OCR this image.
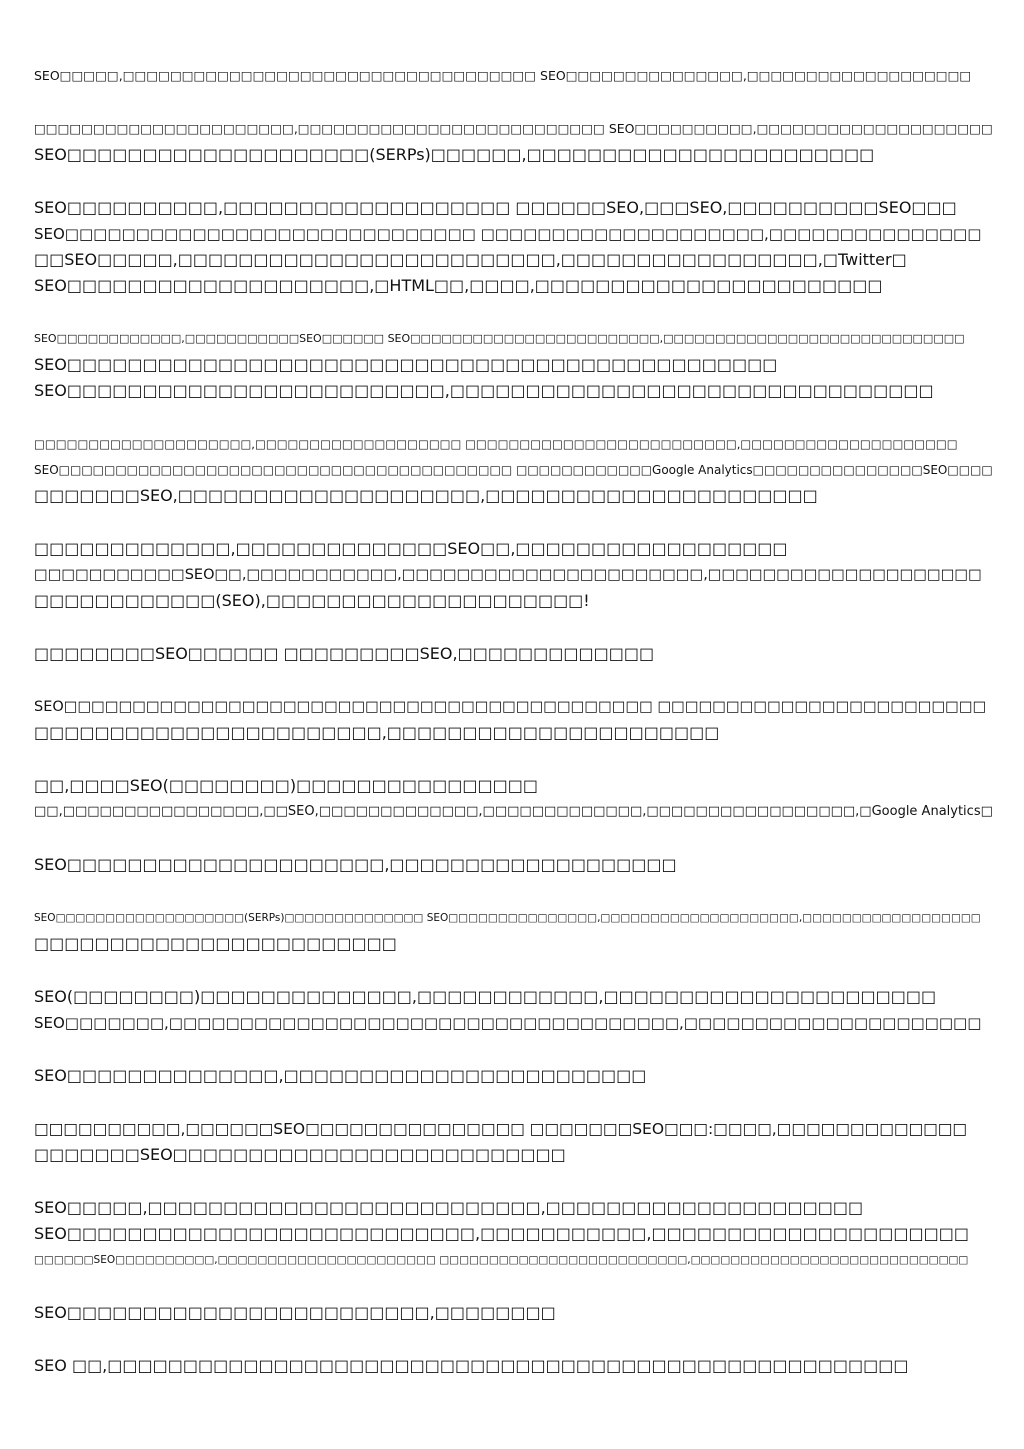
SEO□□□□□,□□□□□□□□□□□□□□□□□□□□□□□□□□□□□□□□□□□ SEO□□□□□□□□□□□□□□□,□□□□□□□□□□□□□□□□□□□
□□□□□□□□□□□□□□□□□□□□□□,□□□□□□□□□□□□□□□□□□□□□□□□□□ SEO□□□□□□□□□□,□□□□□□□□□□□□□□□□□□□□
SEO□□□□□□□□□□□□□□□□□□□□(SERPs)□□□□□□,□□□□□□□□□□□□□□□□□□□□□□□
SEO□□□□□□□□□□,□□□□□□□□□□□□□□□□□□□ □□□□□□SEO,□□□SEO,□□□□□□□□□□SEO□□□
SEO□□□□□□□□□□□□□□□□□□□□□□□□□□□□□ □□□□□□□□□□□□□□□□□□□□,□□□□□□□□□□□□□□□
□□SEO□□□□□,□□□□□□□□□□□□□□□□□□□□□□□□□,□□□□□□□□□□□□□□□□□,□Twitter□
SEO□□□□□□□□□□□□□□□□□□□□,□HTML□□,□□□□,□□□□□□□□□□□□□□□□□□□□□□□
SEO□□□□□□□□□□□□,□□□□□□□□□□□SEO□□□□□□ SEO□□□□□□□□□□□□□□□□□□□□□□□□,□□□□□□□□□□□□□□□□□□□□□□□□□□□□□
SEO□□□□□□□□□□□□□□□□□□□□□□□□□□□□□□□□□□□□□□□□□□□□□□□
SEO□□□□□□□□□□□□□□□□□□□□□□□□□,□□□□□□□□□□□□□□□□□□□□□□□□□□□□□□□□
□□□□□□□□□□□□□□□□□□□□,□□□□□□□□□□□□□□□□□□□ □□□□□□□□□□□□□□□□□□□□□□□□□,□□□□□□□□□□□□□□□□□□□□
SEO□□□□□□□□□□□□□□□□□□□□□□□□□□□□□□□□□□□□□□□□ □□□□□□□□□□□□Google Analytics□□□□□□□□□□□□□□□SEO□□□□
□□□□□□□SEO,□□□□□□□□□□□□□□□□□□□□,□□□□□□□□□□□□□□□□□□□□□□
□□□□□□□□□□□□□,□□□□□□□□□□□□□□SEO□□,□□□□□□□□□□□□□□□□□□
□□□□□□□□□□□SEO□□,□□□□□□□□□□□,□□□□□□□□□□□□□□□□□□□□□□,□□□□□□□□□□□□□□□□□□□□
□□□□□□□□□□□□(SEO),□□□□□□□□□□□□□□□□□□□□□!
□□□□□□□□SEO□□□□□□ □□□□□□□□□SEO,□□□□□□□□□□□□□
SEO□□□□□□□□□□□□□□□□□□□□□□□□□□□□□□□□□□□□□□□□□□□ □□□□□□□□□□□□□□□□□□□□□□□□
□□□□□□□□□□□□□□□□□□□□□□□,□□□□□□□□□□□□□□□□□□□□□□
□□,□□□□SEO(□□□□□□□□)□□□□□□□□□□□□□□□□
□□,□□□□□□□□□□□□□□□□,□□SEO,□□□□□□□□□□□□□,□□□□□□□□□□□□□,□□□□□□□□□□□□□□□□□,□Google Analytics□
SEO□□□□□□□□□□□□□□□□□□□□□,□□□□□□□□□□□□□□□□□□□
SEO□□□□□□□□□□□□□□□□□□□(SERPs)□□□□□□□□□□□□□□ SEO□□□□□□□□□□□□□□□,□□□□□□□□□□□□□□□□□□□□,□□□□□□□□□□□□□□□□□□
□□□□□□□□□□□□□□□□□□□□□□□□
SEO(□□□□□□□□)□□□□□□□□□□□□□□,□□□□□□□□□□□□,□□□□□□□□□□□□□□□□□□□□□□
SEO□□□□□□□,□□□□□□□□□□□□□□□□□□□□□□□□□□□□□□□□□□□□,□□□□□□□□□□□□□□□□□□□□□
SEO□□□□□□□□□□□□□□,□□□□□□□□□□□□□□□□□□□□□□□□
□□□□□□□□□□,□□□□□□SEO□□□□□□□□□□□□□□□ □□□□□□□SEO□□□:□□□□,□□□□□□□□□□□□□
□□□□□□□SEO□□□□□□□□□□□□□□□□□□□□□□□□□□
SEO□□□□□,□□□□□□□□□□□□□□□□□□□□□□□□□□,□□□□□□□□□□□□□□□□□□□□□
SEO□□□□□□□□□□□□□□□□□□□□□□□□□□□,□□□□□□□□□□□,□□□□□□□□□□□□□□□□□□□□□
□□□□□□SEO□□□□□□□□□□,□□□□□□□□□□□□□□□□□□□□□□ □□□□□□□□□□□□□□□□□□□□□□□□□,□□□□□□□□□□□□□□□□□□□□□□□□□□□□
SEO□□□□□□□□□□□□□□□□□□□□□□□□,□□□□□□□□
SEO □□,□□□□□□□□□□□□□□□□□□□□□□□□□□□□□□□□□□□□□□□□□□□□□□□□□□□□□
